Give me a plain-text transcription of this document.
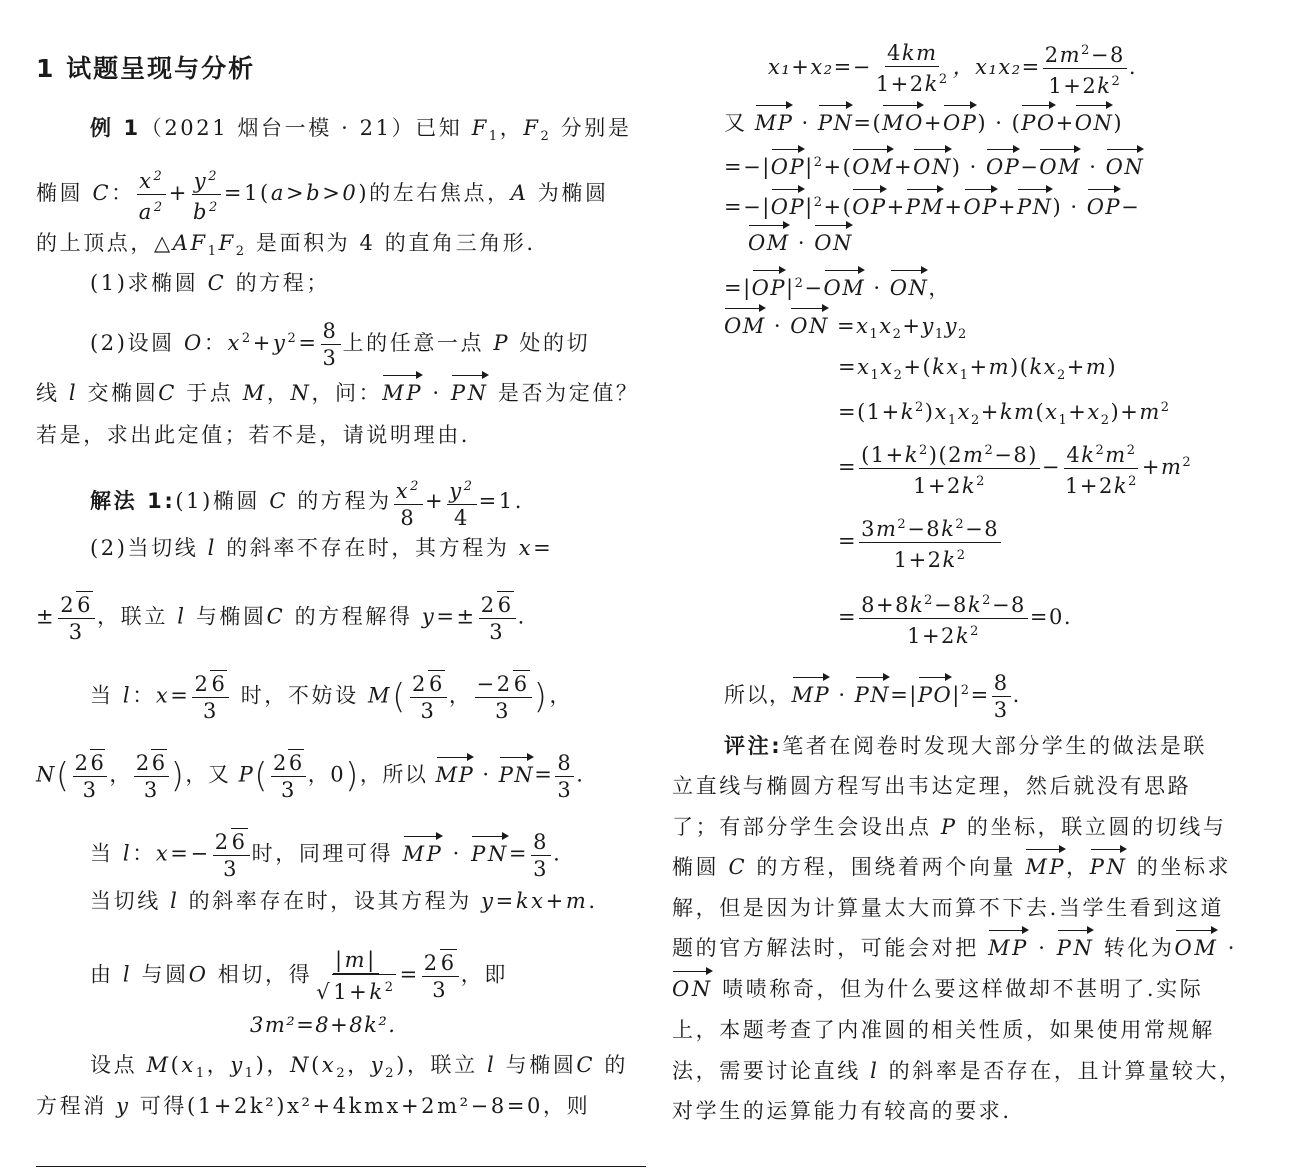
1 试题呈现与分析
例 1（2021 烟台一模 · 21）已知 $F_1$，$F_2$ 分别是
椭圆 C： $\frac{x^2}{a^2} + \frac{y^2}{b^2} =1(a>b>0)$的左右焦点，A 为椭圆
的上顶点，$\triangle AF_1F_2$ 是面积为 4 的直角三角形.
(1)求椭圆 C 的方程；
(2)设圆 O：$x^2+y^2= \frac{8}{3}$ 上的任意一点 P 处的切
线 l 交椭圆C 于点 M，N，问：MP · PN 是否为定值？
若是，求出此定值；若不是，请说明理由.
解法 1:(1)椭圆 C 的方程为 $\frac{x^2}{8} + \frac{y^2}{4} =1$.
(2)当切线 l 的斜率不存在时，其方程为 x=
± $\frac{26}{3}$ ，联立 l 与椭圆C 的方程解得 $y=\pm \frac{26}{3}$ .
当 l：$x= \frac{26}{3}$ 时，不妨设 $M( \frac{26}{3}$ ， $\frac{-26}{3}$ )，
$N( \frac{26}{3}$ ， $\frac{26}{3}$ )，又 $P( \frac{26}{3}$ ，0)，所以 MP · $PN= \frac{8}{3}$ .
当 l：$x=- \frac{26}{3}$ 时，同理可得 MP · $PN= \frac{8}{3}$ .
当切线 l 的斜率存在时，设其方程为 y=kx+m.
由 l 与圆O 相切，得 $\frac{|m|}{√1+k^2} = \frac{26}{3}$ ，即
3m²=8+8k².
设点 $M(x_1$，$y_1$)，$N(x_2$，$y_2$)，联立 l 与椭圆C 的
方程消 y 可得(1+2k²)x²+4kmx+2m²−8=0，则
$x_1+x_2=- \frac{4km}{1+2k^2}$ ，$x_1x_2= \frac{2m^2-8}{1+2k^2}$ .
又 MP · PN=(MO+OP) · (PO+ON)
$=-|OP|^2+(OM+ON) \cdot OP-OM$ · ON
$=-|OP|^2+(OP+PM+OP+PN) \cdot OP-$
OM · ON
$=|OP|^2-OM$ · ON，
OM · ON $=x_1x_2+y_1y_2$
$=x_1x_2+(kx_1+m)(kx_2+m)$
$=(1+k^2)x_1x_2+km(x_1+x_2)+m^2$
= $\frac{(1+k^2)(2m^2-8)}{1+2k^2} - \frac{4k^2m^2}{1+2k^2} +m^2$
= $\frac{3m^2-8k^2-8}{1+2k^2}$
= $\frac{8+8k^2-8k^2-8}{1+2k^2} =0$.
所以，MP · $PN=|PO|^2= \frac{8}{3}$ .
评注:笔者在阅卷时发现大部分学生的做法是联
立直线与椭圆方程写出韦达定理，然后就没有思路
了；有部分学生会设出点 P 的坐标，联立圆的切线与
椭圆 C 的方程，围绕着两个向量 MP，PN 的坐标求
解，但是因为计算量太大而算不下去.当学生看到这道
题的官方解法时，可能会对把 MP · PN 转化为OM ·
ON 啧啧称奇，但为什么要这样做却不甚明了.实际
上，本题考查了内准圆的相关性质，如果使用常规解
法，需要讨论直线 l 的斜率是否存在，且计算量较大，
对学生的运算能力有较高的要求.
